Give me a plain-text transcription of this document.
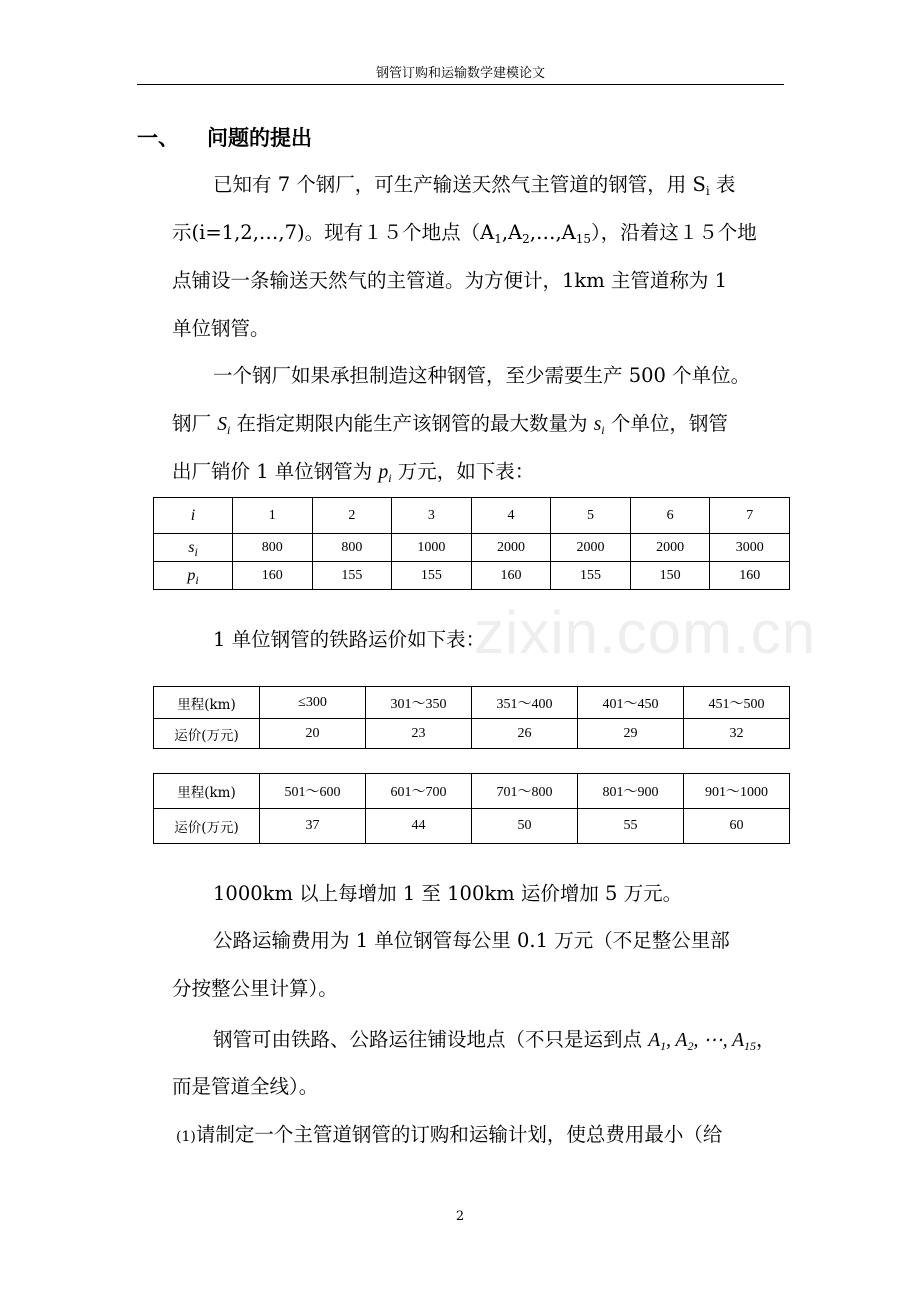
钢管订购和运输数学建模论文
一、 问题的提出

已知有 7 个钢厂，可生产输送天然气主管道的钢管，用 $S_i$ 表

示(i=1,2,…,7)。现有１５个地点$(A_1,A_2,\dots,A_{15})$，沿着这１５个地

点铺设一条输送天然气的主管道。为方便计，1km 主管道称为 1

单位钢管。

一个钢厂如果承担制造这种钢管，至少需要生产 500 个单位。

钢厂 $S_i$ 在指定期限内能生产该钢管的最大数量为 $s_i$ 个单位，钢管

出厂销价 1 单位钢管为 $p_i$ 万元，如下表：

i	1	2	3	4	5	6	7
$s_i$	800	800	1000	2000	2000	2000	3000
$p_i$	160	155	155	160	155	150	160
zixin.com.cn

1 单位钢管的铁路运价如下表：

里程(km)	≤300	301～350	351～400	401～450	451～500
运价(万元)	20	23	26	29	32
里程(km)	501～600	601～700	701～800	801～900	901～1000
运价(万元)	37	44	50	55	60

1000km 以上每增加 1 至 100km 运价增加 5 万元。

公路运输费用为 1 单位钢管每公里 0.1 万元（不足整公里部

分按整公里计算）。

钢管可由铁路、公路运往铺设地点（不只是运到点 $A_1$, $A_2$, ⋯, $A_{15}$，

而是管道全线）。

(1)请制定一个主管道钢管的订购和运输计划，使总费用最小（给

2
